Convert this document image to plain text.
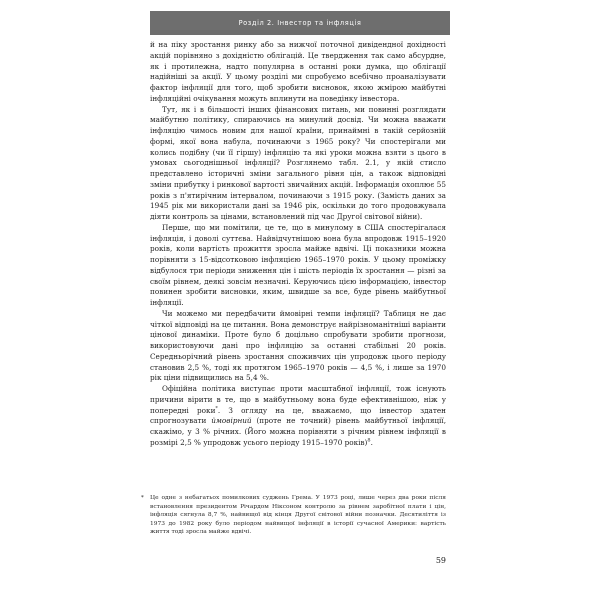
Розділ 2. Інвестор та інфляція

й на піку зростання ринку або за нижчої поточної дивідендної дохідності акцій порівняно з дохідністю облігацій. Це твердження так само абсурдне, як і протилежна, надто популярна в останні роки думка, що облігації надійніші за акції. У цьому розділі ми спробуємо всебічно проаналізувати фактор інфляції для того, щоб зробити висновок, якою жмірою майбутні інфляційні очікування можуть вплинути на поведінку інвестора.

Тут, як і в більшості інших фінансових питань, ми повинні розглядати майбутню політику, спираючись на минулий досвід. Чи можна вважати інфляцію чимось новим для нашої країни, принаймні в такій серйозній формі, якої вона набула, починаючи з 1965 року? Чи спостерігали ми колись подібну (чи її гіршу) інфляцію та які уроки можна взяти з цього в умовах сьогоднішньої інфляції? Розглянемо табл. 2.1, у якій стисло представлено історичні зміни загального рівня цін, а також відповідні зміни прибутку і ринкової вартості звичайних акцій. Інформація охоплює 55 років з п'ятирічним інтервалом, починаючи з 1915 року. (Замість даних за 1945 рік ми використали дані за 1946 рік, оскільки до того продовжувала діяти контроль за цінами, встановлений під час Другої світової війни).

Перше, що ми помітили, це те, що в минулому в США спостерігалася інфляція, і доволі суттєва. Найвідчутнішою вона була впродовж 1915–1920 років, коли вартість прожиття зросла майже вдвічі. Ці показники можна порівняти з 15-відсотковою інфляцією 1965–1970 років. У цьому проміжку відбулося три періоди зниження цін і шість періодів їх зростання — різні за своїм рівнем, деякі зовсім незначні. Керуючись цією інформацією, інвестор повинен зробити висновки, яким, швидше за все, буде рівень майбутньої інфляції.

Чи можемо ми передбачити ймовірні темпи інфляції? Таблиця не дає чіткої відповіді на це питання. Вона демонструє найрізноманітніші варіанти цінової динаміки. Проте було б доцільно спробувати зробити прогнози, використовуючи дані про інфляцію за останні стабільні 20 років. Середньорічний рівень зростання споживчих цін упродовж цього періоду становив 2,5 %, тоді як протягом 1965–1970 років — 4,5 %, і лише за 1970 рік ціни підвищились на 5,4 %.

Офіційна політика виступає проти масштабної інфляції, тож існують причини вірити в те, що в майбутньому вона буде ефективнішою, ніж у попередні роки*. З огляду на це, вважаємо, що інвестор здатен спрогнозувати ймовірний (проте не точний) рівень майбутньої інфляції, скажімо, у 3 % річних. (Його можна порівняти з річним рівнем інфляції в розмірі 2,5 % упродовж усього періоду 1915–1970 років)$^8$.

* Це одне з небагатьох помилкових суджень Грема. У 1973 році, лише через два роки після встановлення президентом Річардом Ніксоном контролю за рівнем заробітної плати і цін, інфляція сягнула 8,7 %, найвищої від кінця Другої світової війни позначки. Десятиліття із 1973 до 1982 року було періодом найвищої інфляції в історії сучасної Америки: вартість життя тоді зросла майже вдвічі.
59
